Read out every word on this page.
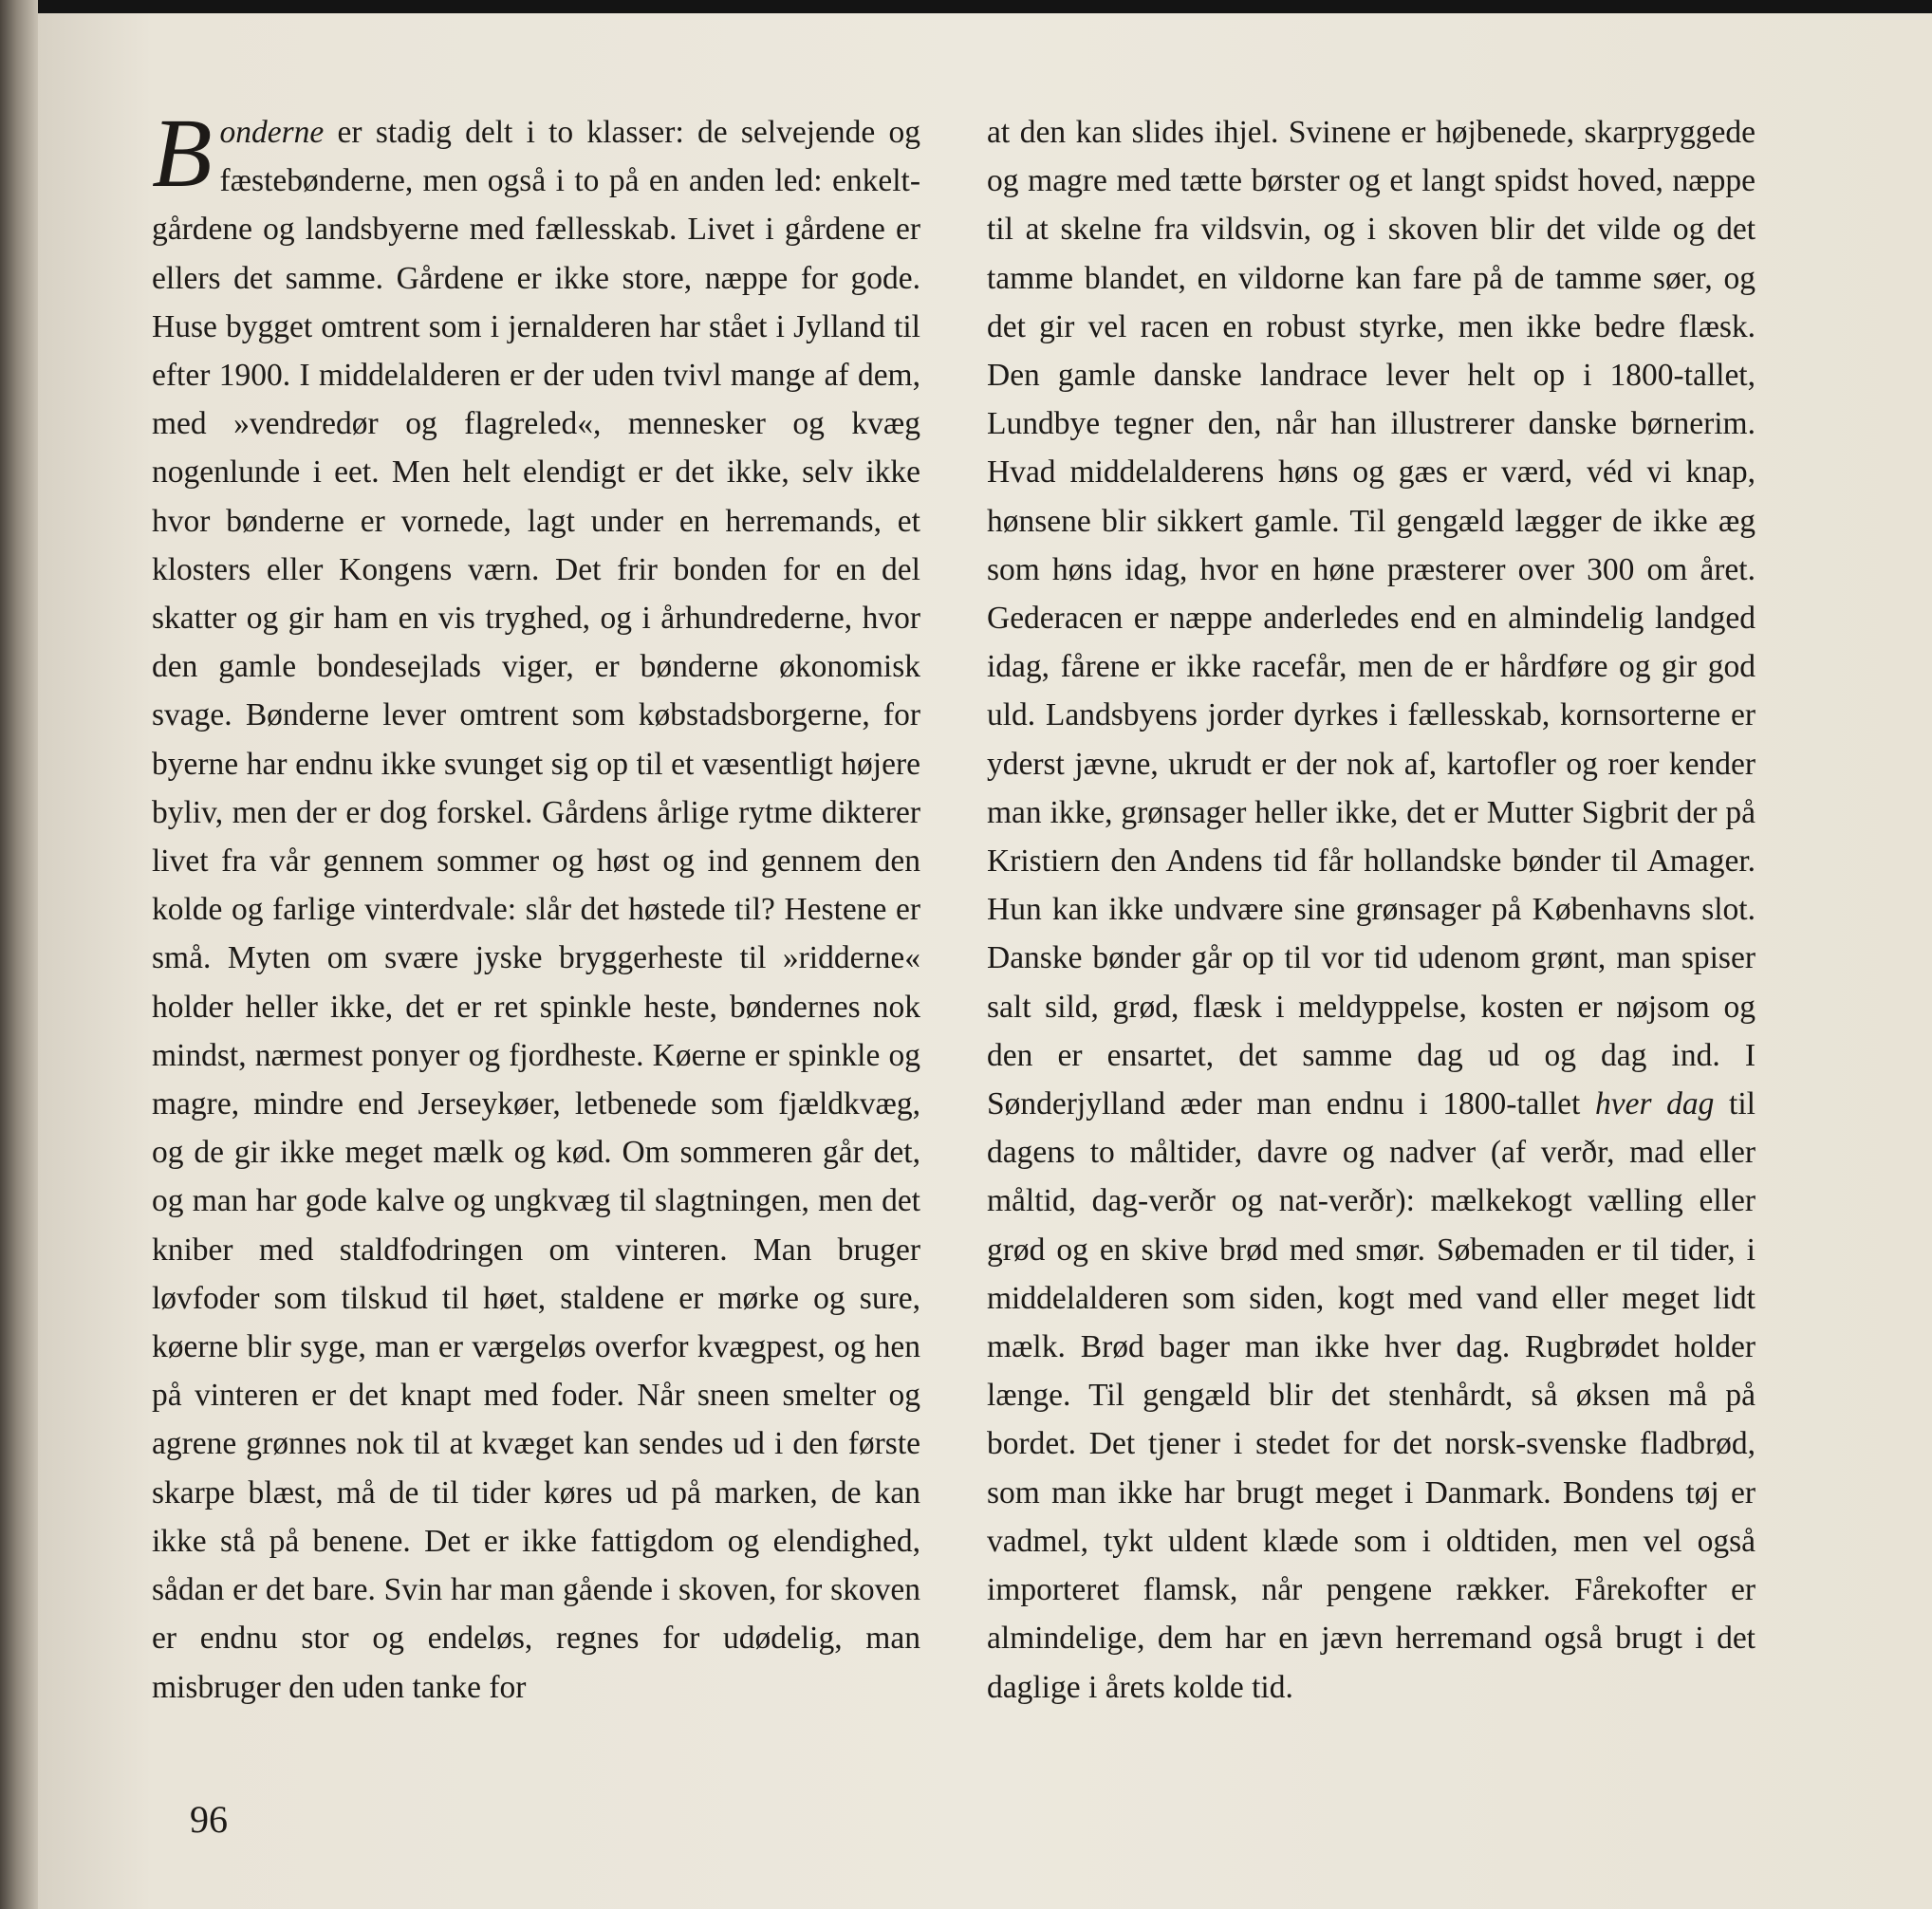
Bonderne er stadig delt i to klasser: de selvejende og fæstebønderne, men også i to på en anden led: enkeltgårdene og landsbyerne med fællesskab. Livet i gårdene er ellers det samme. Gårdene er ikke store, næppe for gode. Huse bygget omtrent som i jernalderen har stået i Jylland til efter 1900. I middelalderen er der uden tvivl mange af dem, med »vendredør og flagreled«, mennesker og kvæg nogenlunde i eet. Men helt elendigt er det ikke, selv ikke hvor bønderne er vornede, lagt under en herremands, et klosters eller Kongens værn. Det frir bonden for en del skatter og gir ham en vis tryghed, og i århundrederne, hvor den gamle bondesejlads viger, er bønderne økonomisk svage. Bønderne lever omtrent som købstadsborgerne, for byerne har endnu ikke svunget sig op til et væsentligt højere byliv, men der er dog forskel. Gårdens årlige rytme dikterer livet fra vår gennem sommer og høst og ind gennem den kolde og farlige vinterdvale: slår det høstede til? Hestene er små. Myten om svære jyske bryggerheste til »ridderne« holder heller ikke, det er ret spinkle heste, bøndernes nok mindst, nærmest ponyer og fjordheste. Køerne er spinkle og magre, mindre end Jerseykøer, letbenede som fjældkvæg, og de gir ikke meget mælk og kød. Om sommeren går det, og man har gode kalve og ungkvæg til slagtningen, men det kniber med staldfodringen om vinteren. Man bruger løvfoder som tilskud til høet, staldene er mørke og sure, køerne blir syge, man er værgeløs overfor kvægpest, og hen på vinteren er det knapt med foder. Når sneen smelter og agrene grønnes nok til at kvæget kan sendes ud i den første skarpe blæst, må de til tider køres ud på marken, de kan ikke stå på benene. Det er ikke fattigdom og elendighed, sådan er det bare. Svin har man gående i skoven, for skoven er endnu stor og endeløs, regnes for udødelig, man misbruger den uden tanke for

at den kan slides ihjel. Svinene er højbenede, skarpryggede og magre med tætte børster og et langt spidst hoved, næppe til at skelne fra vildsvin, og i skoven blir det vilde og det tamme blandet, en vildorne kan fare på de tamme søer, og det gir vel racen en robust styrke, men ikke bedre flæsk. Den gamle danske landrace lever helt op i 1800-tallet, Lundbye tegner den, når han illustrerer danske børnerim. Hvad middelalderens høns og gæs er værd, véd vi knap, hønsene blir sikkert gamle. Til gengæld lægger de ikke æg som høns idag, hvor en høne præsterer over 300 om året. Gederacen er næppe anderledes end en almindelig landged idag, fårene er ikke racefår, men de er hårdføre og gir god uld. Landsbyens jorder dyrkes i fællesskab, kornsorterne er yderst jævne, ukrudt er der nok af, kartofler og roer kender man ikke, grønsager heller ikke, det er Mutter Sigbrit der på Kristiern den Andens tid får hollandske bønder til Amager. Hun kan ikke undvære sine grønsager på Københavns slot. Danske bønder går op til vor tid udenom grønt, man spiser salt sild, grød, flæsk i meldyppelse, kosten er nøjsom og den er ensartet, det samme dag ud og dag ind. I Sønderjylland æder man endnu i 1800-tallet hver dag til dagens to måltider, davre og nadver (af verðr, mad eller måltid, dag-verðr og nat-verðr): mælkekogt vælling eller grød og en skive brød med smør. Søbemaden er til tider, i middelalderen som siden, kogt med vand eller meget lidt mælk. Brød bager man ikke hver dag. Rugbrødet holder længe. Til gengæld blir det stenhårdt, så øksen må på bordet. Det tjener i stedet for det norsk-svenske fladbrød, som man ikke har brugt meget i Danmark. Bondens tøj er vadmel, tykt uldent klæde som i oldtiden, men vel også importeret flamsk, når pengene rækker. Fårekofter er almindelige, dem har en jævn herremand også brugt i det daglige i årets kolde tid.

96
